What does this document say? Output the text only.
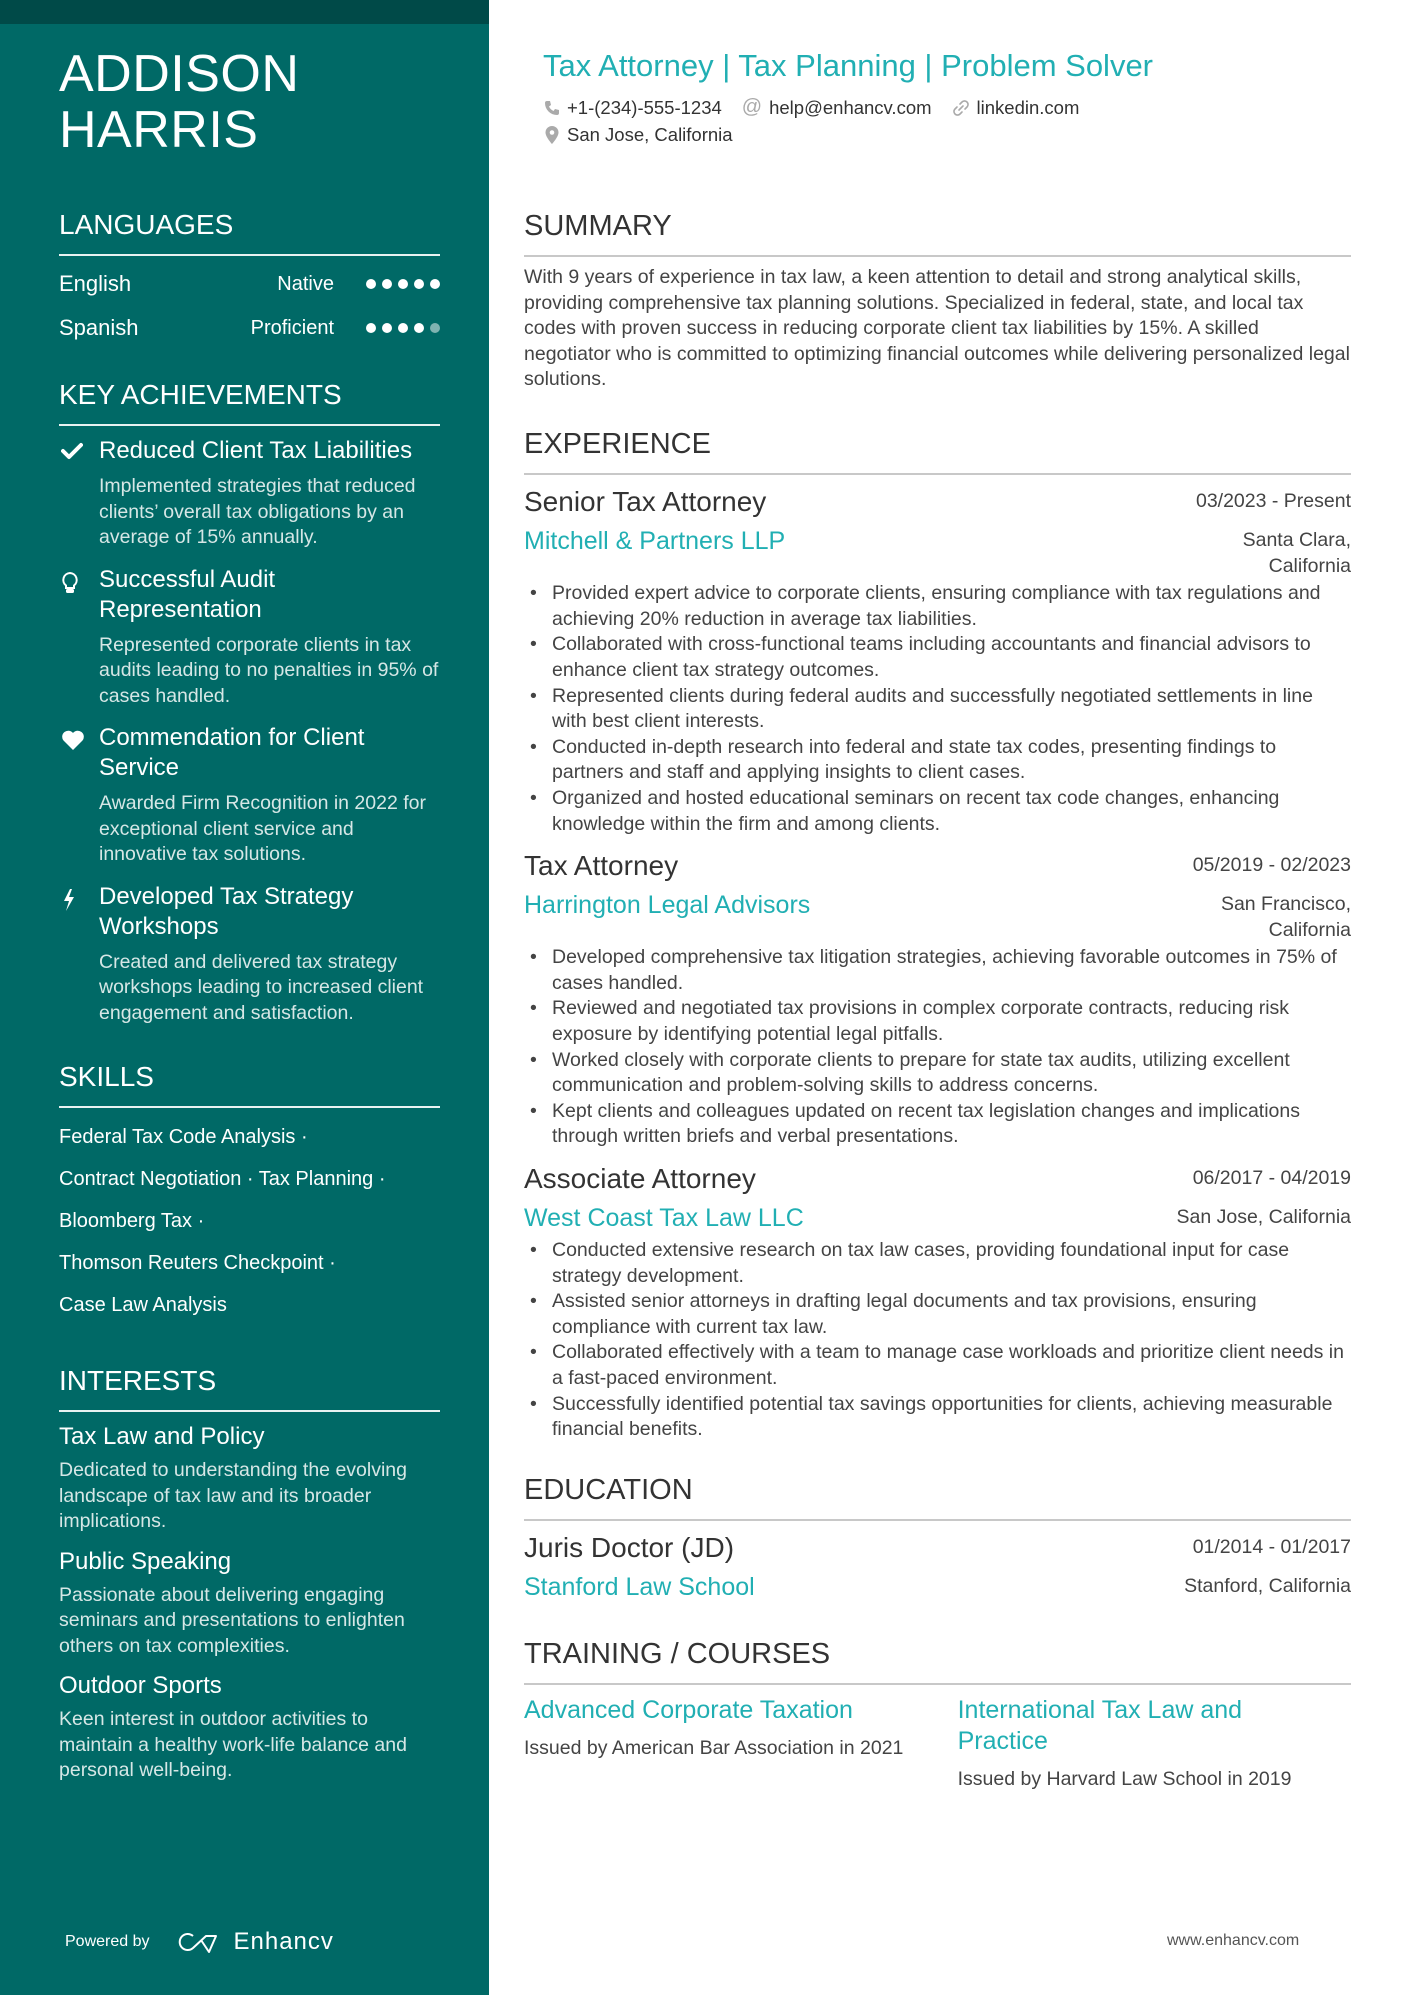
ADDISON
HARRIS
LANGUAGES
English	Native
Spanish	Proficient
KEY ACHIEVEMENTS
Reduced Client Tax Liabilities
Implemented strategies that reduced clients’ overall tax obligations by an average of 15% annually.
Successful Audit Representation
Represented corporate clients in tax audits leading to no penalties in 95% of cases handled.
Commendation for Client Service
Awarded Firm Recognition in 2022 for exceptional client service and innovative tax solutions.
Developed Tax Strategy Workshops
Created and delivered tax strategy workshops leading to increased client engagement and satisfaction.
SKILLS
Federal Tax Code Analysis ·
Contract Negotiation · Tax Planning ·
Bloomberg Tax ·
Thomson Reuters Checkpoint ·
Case Law Analysis
INTERESTS
Tax Law and Policy
Dedicated to understanding the evolving landscape of tax law and its broader implications.
Public Speaking
Passionate about delivering engaging seminars and presentations to enlighten others on tax complexities.
Outdoor Sports
Keen interest in outdoor activities to maintain a healthy work-life balance and personal well-being.
Powered by	Enhancv
Tax Attorney | Tax Planning | Problem Solver
+1-(234)-555-1234 @ help@enhancv.com linkedin.com
San Jose, California
SUMMARY
With 9 years of experience in tax law, a keen attention to detail and strong analytical skills, providing comprehensive tax planning solutions. Specialized in federal, state, and local tax codes with proven success in reducing corporate client tax liabilities by 15%. A skilled negotiator who is committed to optimizing financial outcomes while delivering personalized legal solutions.
EXPERIENCE
Senior Tax Attorney	03/2023 - Present
Mitchell & Partners LLP	Santa Clara,
California
• Provided expert advice to corporate clients, ensuring compliance with tax regulations and achieving 20% reduction in average tax liabilities.
• Collaborated with cross-functional teams including accountants and financial advisors to enhance client tax strategy outcomes.
• Represented clients during federal audits and successfully negotiated settlements in line with best client interests.
• Conducted in-depth research into federal and state tax codes, presenting findings to partners and staff and applying insights to client cases.
• Organized and hosted educational seminars on recent tax code changes, enhancing knowledge within the firm and among clients.
Tax Attorney	05/2019 - 02/2023
Harrington Legal Advisors	San Francisco,
California
• Developed comprehensive tax litigation strategies, achieving favorable outcomes in 75% of cases handled.
• Reviewed and negotiated tax provisions in complex corporate contracts, reducing risk exposure by identifying potential legal pitfalls.
• Worked closely with corporate clients to prepare for state tax audits, utilizing excellent communication and problem-solving skills to address concerns.
• Kept clients and colleagues updated on recent tax legislation changes and implications through written briefs and verbal presentations.
Associate Attorney	06/2017 - 04/2019
West Coast Tax Law LLC	San Jose, California
• Conducted extensive research on tax law cases, providing foundational input for case strategy development.
• Assisted senior attorneys in drafting legal documents and tax provisions, ensuring compliance with current tax law.
• Collaborated effectively with a team to manage case workloads and prioritize client needs in a fast-paced environment.
• Successfully identified potential tax savings opportunities for clients, achieving measurable financial benefits.
EDUCATION
Juris Doctor (JD)	01/2014 - 01/2017
Stanford Law School	Stanford, California
TRAINING / COURSES
Advanced Corporate Taxation
Issued by American Bar Association in 2021
International Tax Law and Practice
Issued by Harvard Law School in 2019
www.enhancv.com
